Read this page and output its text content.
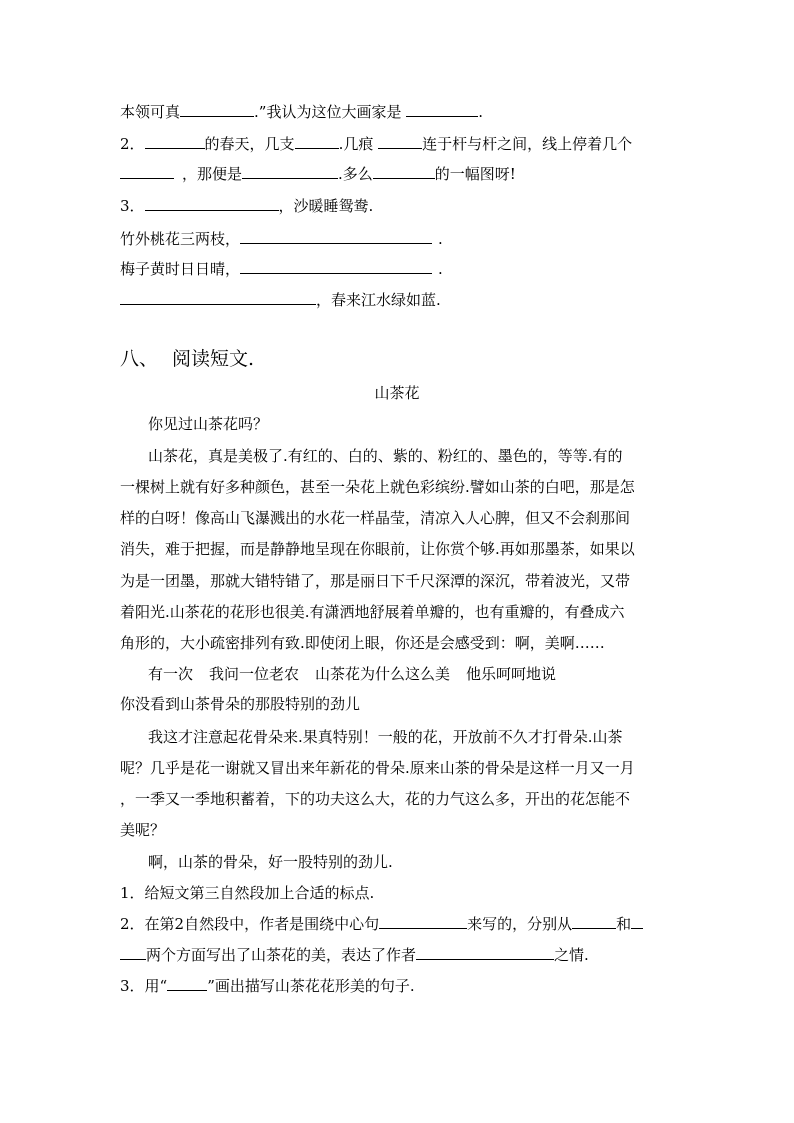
本领可真	.”我认为这位大画家是	.
2．	的春天，几支	.几痕	连于杆与杆之间，线上停着几个
，那便是	.多么	的一幅图呀!
3．	，沙暖睡鸳鸯.
竹外桃花三两枝，	.
梅子黄时日日晴，	.
，春来江水绿如蓝.
八、 阅读短文.
山茶花
你见过山茶花吗？
山茶花，真是美极了.有红的、白的、紫的、粉红的、墨色的，等等.有的
一棵树上就有好多种颜色，甚至一朵花上就色彩缤纷.譬如山茶的白吧，那是怎
样的白呀！像高山飞瀑溅出的水花一样晶莹，清凉入人心脾，但又不会刹那间
消失，难于把握，而是静静地呈现在你眼前，让你赏个够.再如那墨茶，如果以
为是一团墨，那就大错特错了，那是丽日下千尺深潭的深沉，带着波光，又带
着阳光.山茶花的花形也很美.有潇洒地舒展着单瓣的，也有重瓣的，有叠成六
角形的，大小疏密排列有致.即使闭上眼，你还是会感受到：啊，美啊……
有一次 我问一位老农 山茶花为什么这么美 他乐呵呵地说
你没看到山茶骨朵的那股特别的劲儿
我这才注意起花骨朵来.果真特别！一般的花，开放前不久才打骨朵.山茶
呢？几乎是花一谢就又冒出来年新花的骨朵.原来山茶的骨朵是这样一月又一月
，一季又一季地积蓄着，下的功夫这么大，花的力气这么多，开出的花怎能不
美呢？
啊，山茶的骨朵，好一股特别的劲儿.
1．给短文第三自然段加上合适的标点.
2．在第2自然段中，作者是围绕中心句	来写的，分别从	和
两个方面写出了山茶花的美，表达了作者	之情.
3．用“	”画出描写山茶花花形美的句子.
